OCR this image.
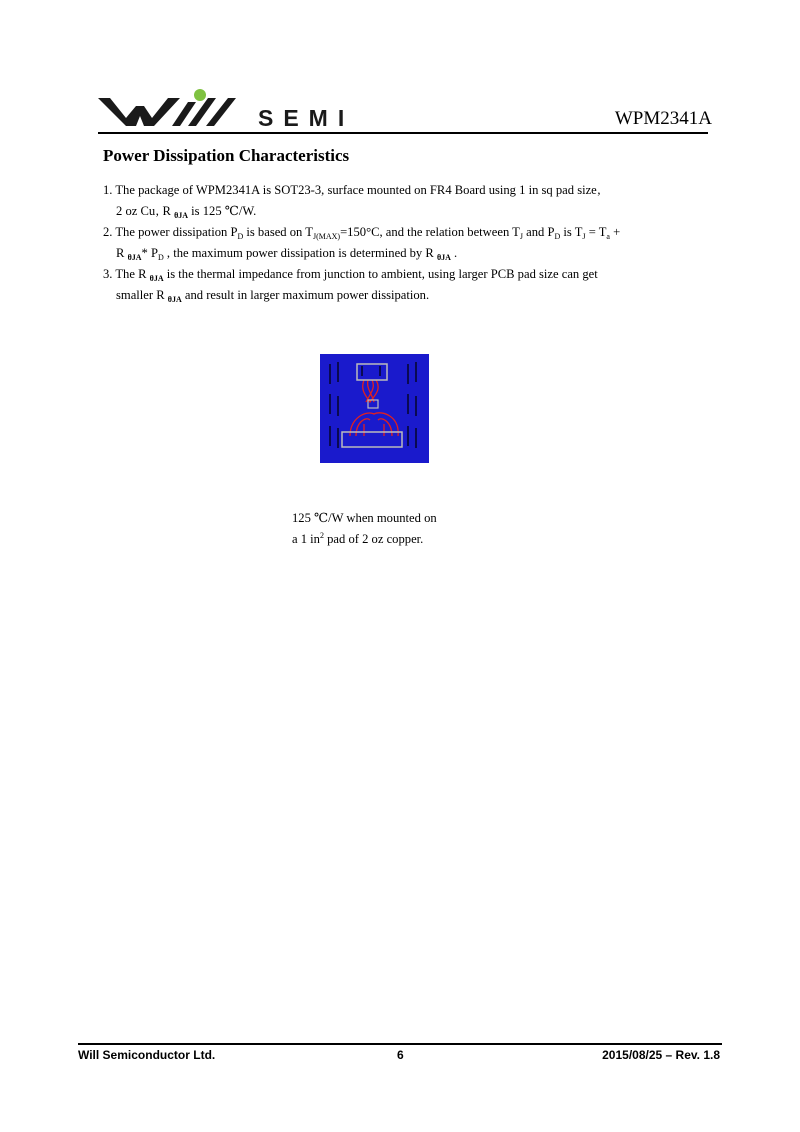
SEMI	WPM2341A
Power Dissipation Characteristics

1. The package of WPM2341A is SOT23-3, surface mounted on FR4 Board using 1 in sq pad size‚

2 oz Cu‚ R $_{\theta JA}$ is 125 ℃/W.

2. The power dissipation $P_D$ is based on $T_{J(MAX)}=150^\circ C$, and the relation between $T_J$ and $P_D$ is $T_J = T_a$ +

R $_{\theta JA}$* $P_D$ , the maximum power dissipation is determined by R $_{\theta JA}$ .

3. The R $_{\theta JA}$ is the thermal impedance from junction to ambient, using larger PCB pad size can get

smaller R $_{\theta JA}$ and result in larger maximum power dissipation.

125 ℃/W when mounted on

a 1 $in^2$ pad of 2 oz copper.

Will Semiconductor Ltd.	6	2015/08/25 – Rev. 1.8
